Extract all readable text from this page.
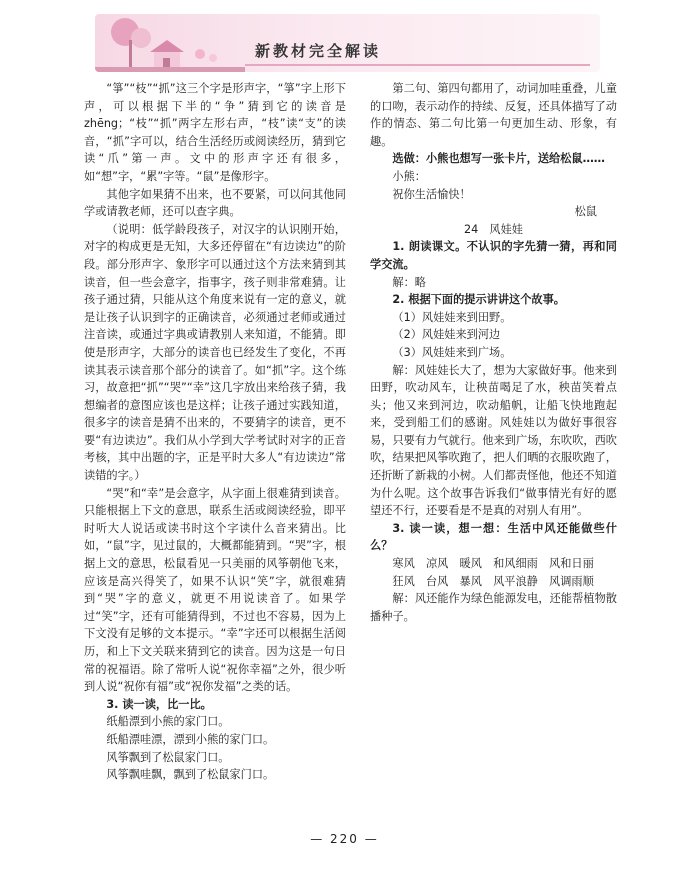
新教材完全解读

“箏”“枝”“抓”这三个字是形声字，“箏”字上形下声，可以根据下半的“争”猜到它的读音是 zhēng；“枝”“抓”两字左形右声，“枝”读“支”的读音，“抓”字可以，结合生活经历或阅读经历，猜到它读“爪”第一声。文中的形声字还有很多，如“想”字，“累”字等。“鼠”是像形字。

其他字如果猜不出来，也不要紧，可以问其他同学或请教老师，还可以查字典。

（说明：低学龄段孩子，对汉字的认识刚开始，对字的构成更是无知，大多还停留在“有边读边”的阶段。部分形声字、象形字可以通过这个方法来猜到其读音，但一些会意字，指事字，孩子则非常难猜。让孩子通过猜，只能从这个角度来说有一定的意义，就是让孩子认识到字的正确读音，必须通过老师或通过注音读，或通过字典或请教别人来知道，不能猜。即使是形声字，大部分的读音也已经发生了变化，不再读其表示读音那个部分的读音了。如“抓”字。这个练习，故意把“抓”“哭”“幸”这几字放出来给孩子猜，我想编者的意图应该也是这样；让孩子通过实践知道，很多字的读音是猜不出来的，不要猜字的读音，更不要“有边读边”。我们从小学到大学考试时对字的正音考核，其中出题的字，正是平时大多人“有边读边”常读错的字。）

“哭”和“幸”是会意字，从字面上很难猜到读音。只能根据上下文的意思，联系生活或阅读经验，即平时听大人说话或读书时这个字读什么音来猜出。比如，“鼠”字，见过鼠的，大概都能猜到。“哭”字，根据上文的意思，松鼠看见一只美丽的风筝朝他飞来，应该是高兴得笑了，如果不认识“笑”字，就很难猜到“哭”字的意义，就更不用说读音了。如果学过“笑”字，还有可能猜得到，不过也不容易，因为上下文没有足够的文本提示。“幸”字还可以根据生活阅历，和上下文关联来猜到它的读音。因为这是一句日常的祝福语。除了常听人说“祝你幸福”之外，很少听到人说“祝你有福”或“祝你发福”之类的话。

3. 读一读，比一比。

纸船漂到小熊的家门口。

纸船漂哇漂，漂到小熊的家门口。

风筝飘到了松鼠家门口。

风筝飘哇飘，飘到了松鼠家门口。

第二句、第四句都用了，动词加哇重叠，儿童的口吻，表示动作的持续、反复，还具体描写了动作的情态、第二句比第一句更加生动、形象，有趣。

选做：小熊也想写一张卡片，送给松鼠……

小熊：

祝你生活愉快！

松鼠

24　风娃娃

1. 朗读课文。不认识的字先猜一猜，再和同学交流。

解：略

2. 根据下面的提示讲讲这个故事。

（1）风娃娃来到田野。

（2）风娃娃来到河边

（3）风娃娃来到广场。

解：风娃娃长大了，想为大家做好事。他来到田野，吹动风车，让秧苗喝足了水，秧苗笑着点头；他又来到河边，吹动船帆，让船飞快地跑起来，受到船工们的感谢。风娃娃以为做好事很容易，只要有力气就行。他来到广场，东吹吹，西吹吹，结果把风筝吹跑了，把人们晒的衣服吹跑了，还折断了新栽的小树。人们都责怪他，他还不知道为什么呢。这个故事告诉我们“做事情光有好的愿望还不行，还要看是不是真的对别人有用”。

3. 读一读，想一想：生活中风还能做些什么？

寒风　凉风　暖风　和风细雨　风和日丽

狂风　台风　暴风　风平浪静　风调雨顺

解：风还能作为绿色能源发电，还能帮植物散播种子。

— 220 —
